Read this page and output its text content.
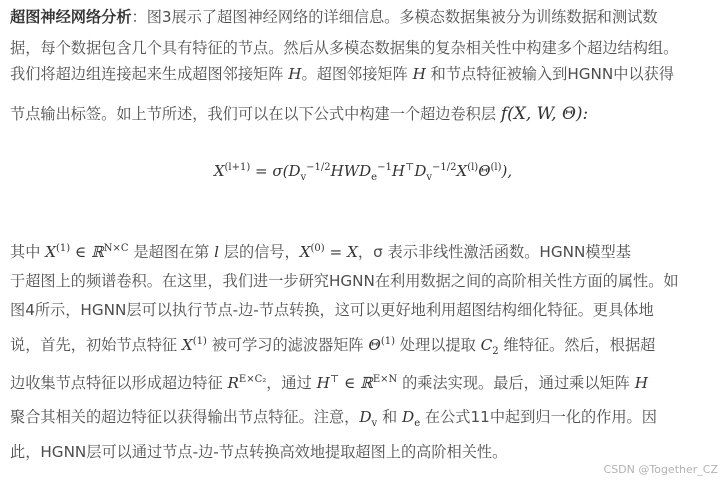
超图神经网络分析：图3展示了超图神经网络的详细信息。多模态数据集被分为训练数据和测试数
据，每个数据包含几个具有特征的节点。然后从多模态数据集的复杂相关性中构建多个超边结构组。
我们将超边组连接起来生成超图邻接矩阵 H。超图邻接矩阵 H 和节点特征被输入到HGNN中以获得
节点输出标签。如上节所述，我们可以在以下公式中构建一个超边卷积层 f(X, W, Θ):
$X^{(l+1)} = \sigma(D_v^{-1/2}HWD_e^{-1}H^⊤D_v^{-1/2}X^{(l)}\Theta^{(l)})$,
其中 $X^{(1)}$ ∈ ℝ$^{N\times C}$ 是超图在第 l 层的信号，$X^{(0)} = X$，σ 表示非线性激活函数。HGNN模型基
于超图上的频谱卷积。在这里，我们进一步研究HGNN在利用数据之间的高阶相关性方面的属性。如
图4所示，HGNN层可以执行节点-边-节点转换，这可以更好地利用超图结构细化特征。更具体地
说，首先，初始节点特征 $X^{(1)}$ 被可学习的滤波器矩阵 $\Theta^{(1)}$ 处理以提取 $C_2$ 维特征。然后，根据超
边收集节点特征以形成超边特征 $R^{E\times C_2}$，通过 H⊤ ∈ ℝ$^{E\times N}$ 的乘法实现。最后，通过乘以矩阵 H
聚合其相关的超边特征以获得输出节点特征。注意，$D_v$ 和 $D_e$ 在公式11中起到归一化的作用。因
此，HGNN层可以通过节点-边-节点转换高效地提取超图上的高阶相关性。
CSDN @Together_CZ
